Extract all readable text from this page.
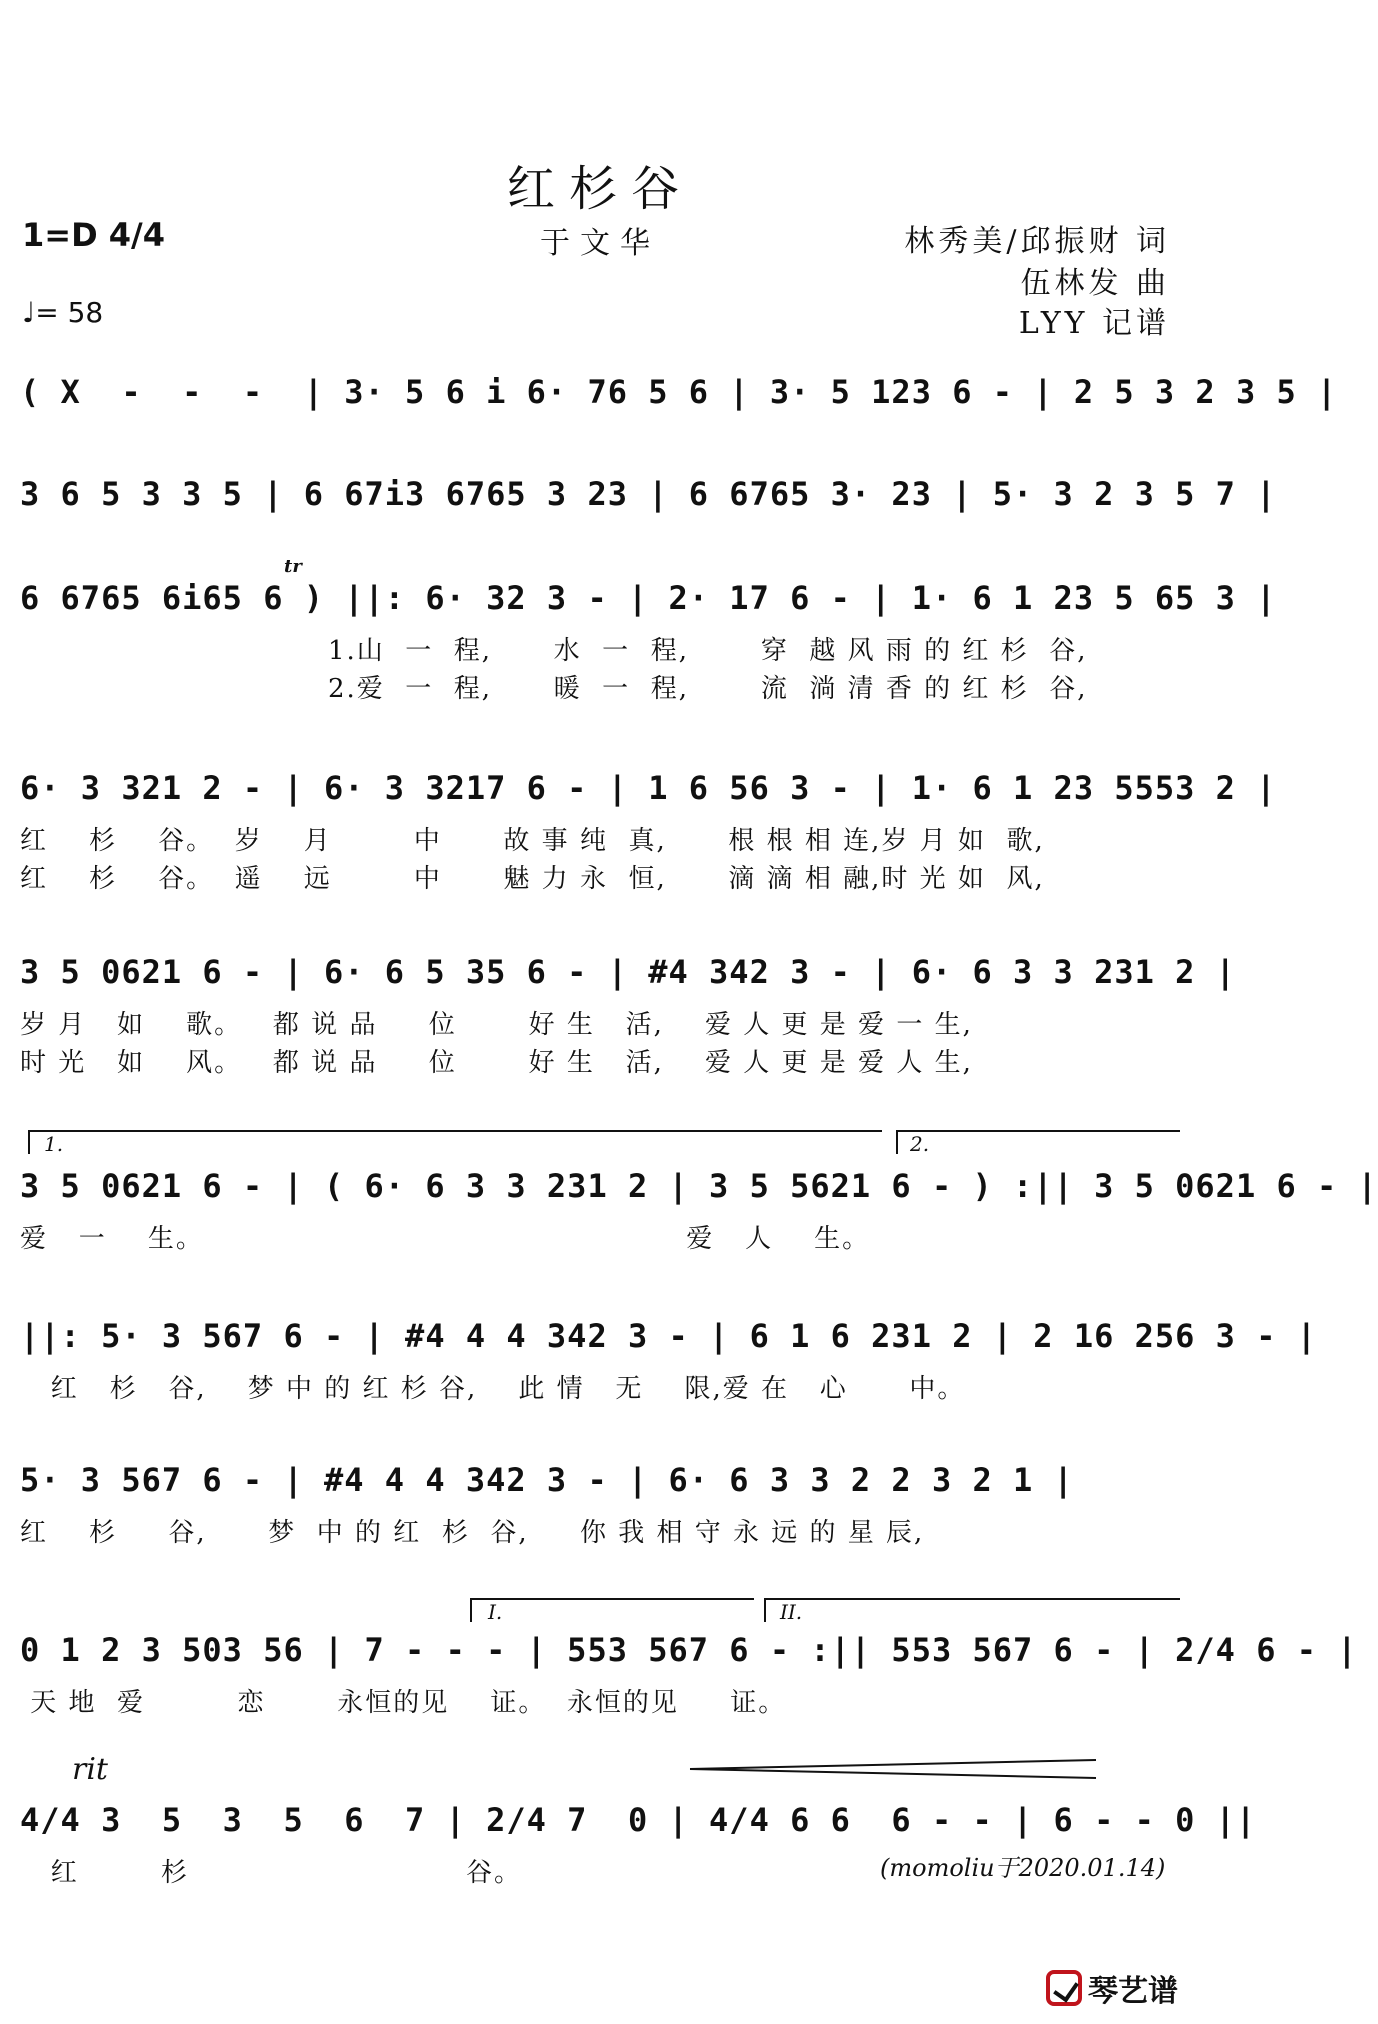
红杉谷
于文华
1=D 4/4
♩= 58
林秀美/邱振财 词
伍林发 曲
LYY 记谱
( X  -  -  -  | 3· 5 6 i 6· 76 5 6 | 3· 5 123 6 - | 2 5 3 2 3 5 |
3 6 5 3 3 5 | 6 67i3 6765 3 23 | 6 6765 3· 23 | 5· 3 2 3 5 7 |
tr
6 6765 6i65 6 ) ||: 6· 32 3 - | 2· 17 6 - | 1· 6 1 23 5 65 3 |
1.山  一  程,      水  一  程,       穿  越 风 雨 的 红 杉  谷,
2.爱  一  程,      暖  一  程,       流  淌 清 香 的 红 杉  谷,
6· 3 321 2 - | 6· 3 3217 6 - | 1 6 56 3 - | 1· 6 1 23 5553 2 |
红    杉    谷。  岁    月        中      故 事 纯  真,      根 根 相 连,岁 月 如  歌,
红    杉    谷。  遥    远        中      魅 力 永  恒,      滴 滴 相 融,时 光 如  风,
3 5 0621 6 - | 6· 6 5 35 6 - | #4 342 3 - | 6· 6 3 3 231 2 |
岁 月   如    歌。   都 说 品     位       好 生   活,    爱 人 更 是 爱 一 生,
时 光   如    风。   都 说 品     位       好 生   活,    爱 人 更 是 爱 人 生,
1.	2.
3 5 0621 6 - | ( 6· 6 3 3 231 2 | 3 5 5621 6 - ) :|| 3 5 0621 6 - |
爱   一    生。                                               爱   人    生。
||: 5· 3 567 6 - | #4 4 4 342 3 - | 6 1 6 231 2 | 2 16 256 3 - |
红   杉   谷,    梦 中 的 红 杉 谷,    此 情   无    限,爱 在   心      中。
5· 3 567 6 - | #4 4 4 342 3 - | 6· 6 3 3 2 2 3 2 1 |
红    杉     谷,      梦  中 的 红  杉  谷,     你 我 相 守 永 远 的 星 辰,
I.	II.
0 1 2 3 503 56 | 7 - - - | 553 567 6 - :|| 553 567 6 - | 2/4 6 - |
天 地  爱         恋       永恒的见    证。  永恒的见     证。
rit
4/4 3  5  3  5  6  7 | 2/4 7  0 | 4/4 6 6  6 - - | 6 - - 0 ||
红        杉                           谷。	(momoliu于2020.01.14)
琴艺谱
